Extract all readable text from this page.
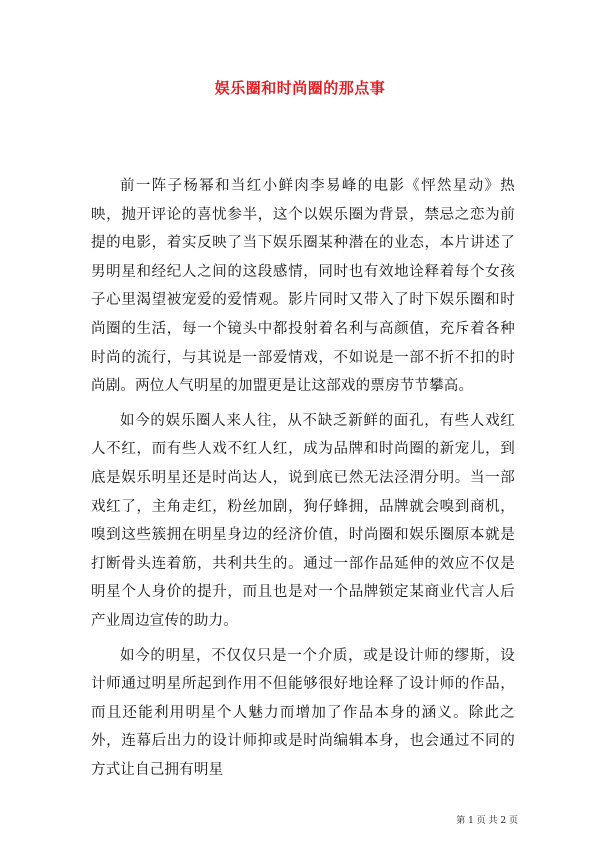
娱乐圈和时尚圈的那点事

前一阵子杨幂和当红小鲜肉李易峰的电影《怦然星动》热映，抛开评论的喜忧参半，这个以娱乐圈为背景，禁忌之恋为前提的电影，着实反映了当下娱乐圈某种潜在的业态，本片讲述了男明星和经纪人之间的这段感情，同时也有效地诠释着每个女孩子心里渴望被宠爱的爱情观。影片同时又带入了时下娱乐圈和时尚圈的生活，每一个镜头中都投射着名利与高颜值，充斥着各种时尚的流行，与其说是一部爱情戏，不如说是一部不折不扣的时尚剧。两位人气明星的加盟更是让这部戏的票房节节攀高。

如今的娱乐圈人来人往，从不缺乏新鲜的面孔，有些人戏红人不红，而有些人戏不红人红，成为品牌和时尚圈的新宠儿，到底是娱乐明星还是时尚达人，说到底已然无法泾渭分明。当一部戏红了，主角走红，粉丝加剧，狗仔蜂拥，品牌就会嗅到商机，嗅到这些簇拥在明星身边的经济价值，时尚圈和娱乐圈原本就是打断骨头连着筋，共利共生的。通过一部作品延伸的效应不仅是明星个人身价的提升，而且也是对一个品牌锁定某商业代言人后产业周边宣传的助力。

如今的明星，不仅仅只是一个介质，或是设计师的缪斯，设计师通过明星所起到作用不但能够很好地诠释了设计师的作品，而且还能利用明星个人魅力而增加了作品本身的涵义。除此之外，连幕后出力的设计师抑或是时尚编辑本身，也会通过不同的方式让自己拥有明星

第 1 页 共 2 页
